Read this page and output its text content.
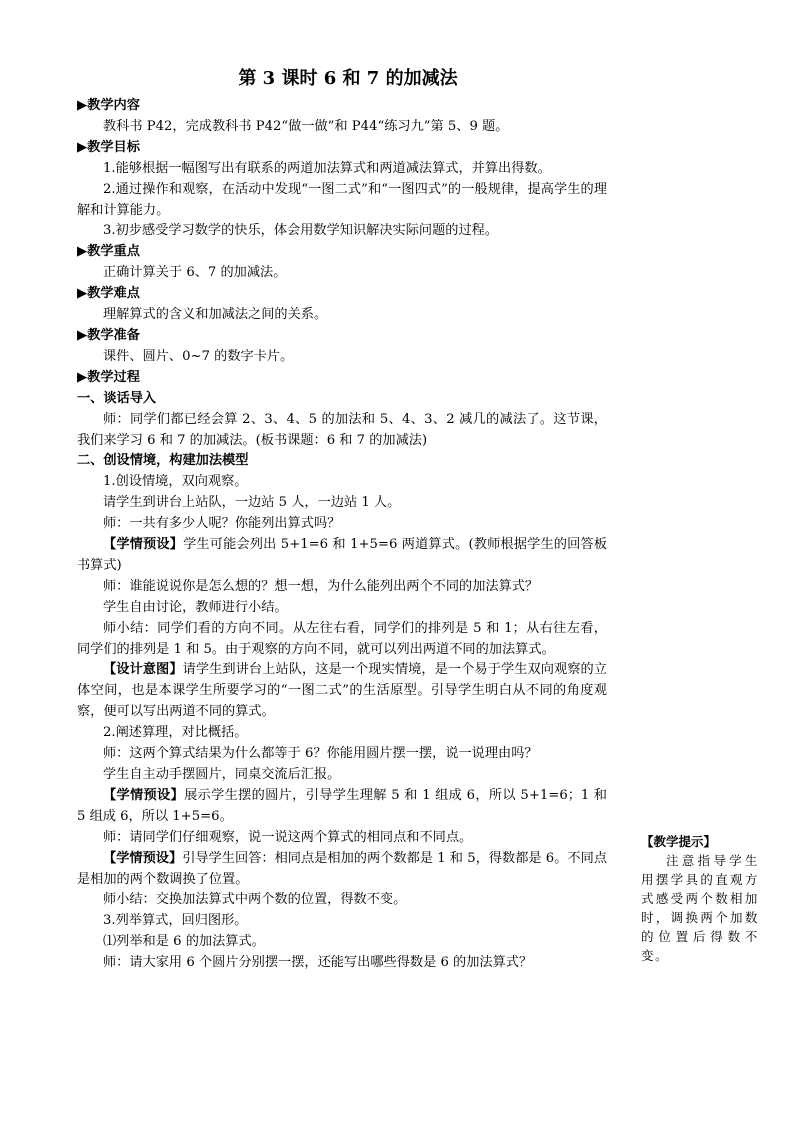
第 3 课时 6 和 7 的加减法
▶教学内容
教科书 P42，完成教科书 P42“做一做”和 P44“练习九”第 5、9 题。
▶教学目标
1.能够根据一幅图写出有联系的两道加法算式和两道减法算式，并算出得数。
2.通过操作和观察，在活动中发现“一图二式”和“一图四式”的一般规律，提高学生的理解和计算能力。
3.初步感受学习数学的快乐，体会用数学知识解决实际问题的过程。
▶教学重点
正确计算关于 6、7 的加减法。
▶教学难点
理解算式的含义和加减法之间的关系。
▶教学准备
课件、圆片、0~7 的数字卡片。
▶教学过程
一、谈话导入
师：同学们都已经会算 2、3、4、5 的加法和 5、4、3、2 减几的减法了。这节课，我们来学习 6 和 7 的加减法。(板书课题：6 和 7 的加减法)
二、创设情境，构建加法模型
1.创设情境，双向观察。
请学生到讲台上站队，一边站 5 人，一边站 1 人。
师：一共有多少人呢？你能列出算式吗？
【学情预设】学生可能会列出 5+1=6 和 1+5=6 两道算式。(教师根据学生的回答板书算式)
师：谁能说说你是怎么想的？想一想，为什么能列出两个不同的加法算式？
学生自由讨论，教师进行小结。
师小结：同学们看的方向不同。从左往右看，同学们的排列是 5 和 1；从右往左看，同学们的排列是 1 和 5。由于观察的方向不同，就可以列出两道不同的加法算式。
【设计意图】请学生到讲台上站队，这是一个现实情境，是一个易于学生双向观察的立体空间，也是本课学生所要学习的“一图二式”的生活原型。引导学生明白从不同的角度观察，便可以写出两道不同的算式。
2.阐述算理，对比概括。
师：这两个算式结果为什么都等于 6？你能用圆片摆一摆，说一说理由吗？
学生自主动手摆圆片，同桌交流后汇报。
【学情预设】展示学生摆的圆片，引导学生理解 5 和 1 组成 6，所以 5+1=6；1 和 5 组成 6，所以 1+5=6。
师：请同学们仔细观察，说一说这两个算式的相同点和不同点。
【学情预设】引导学生回答：相同点是相加的两个数都是 1 和 5，得数都是 6。不同点是相加的两个数调换了位置。
师小结：交换加法算式中两个数的位置，得数不变。
3.列举算式，回归图形。
⑴列举和是 6 的加法算式。
师：请大家用 6 个圆片分别摆一摆，还能写出哪些得数是 6 的加法算式？
【教学提示】
注意指导学生用摆学具的直观方式感受两个数相加时，调换两个加数的位置后得数不变。
